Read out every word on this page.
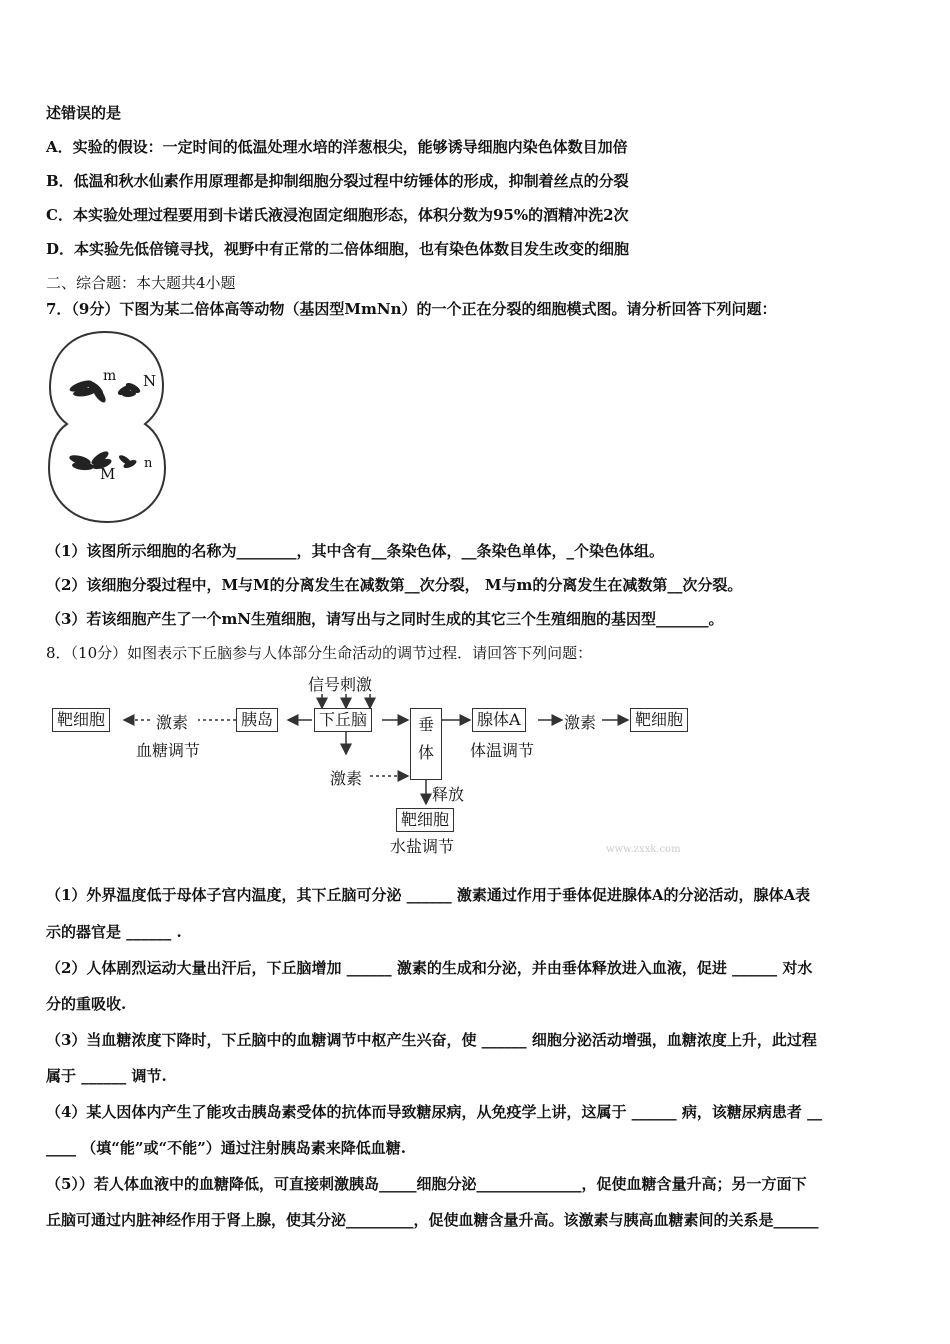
述错误的是
A．实验的假设：一定时间的低温处理水培的洋葱根尖，能够诱导细胞内染色体数目加倍
B．低温和秋水仙素作用原理都是抑制细胞分裂过程中纺锤体的形成，抑制着丝点的分裂
C．本实验处理过程要用到卡诺氏液浸泡固定细胞形态，体积分数为95%的酒精冲洗2次
D．本实验先低倍镜寻找，视野中有正常的二倍体细胞，也有染色体数目发生改变的细胞
二、综合题：本大题共4小题
7．（9分）下图为某二倍体高等动物（基因型MmNn）的一个正在分裂的细胞模式图。请分析回答下列问题：
m N
M
n
（1）该图所示细胞的名称为________，其中含有__条染色体，__条染色单体，_个染色体组。
（2）该细胞分裂过程中，M与M的分离发生在减数第__次分裂， M与m的分离发生在减数第__次分裂。
（3）若该细胞产生了一个mN生殖细胞，请写出与之同时生成的其它三个生殖细胞的基因型_______。
8．（10分）如图表示下丘脑参与人体部分生命活动的调节过程．请回答下列问题：
信号刺激
靶细胞	激素	胰岛	下丘脑	垂体
腺体A	激素	靶细胞
血糖调节	体温调节
激素
释放
靶细胞
水盐调节	www.zxxk.com
（1）外界温度低于母体子宫内温度，其下丘脑可分泌 ______ 激素通过作用于垂体促进腺体A的分泌活动，腺体A表
示的器官是 ______ .
（2）人体剧烈运动大量出汗后，下丘脑增加 ______ 激素的生成和分泌，并由垂体释放进入血液，促进 ______ 对水
分的重吸收.
（3）当血糖浓度下降时，下丘脑中的血糖调节中枢产生兴奋，使 ______ 细胞分泌活动增强，血糖浓度上升，此过程
属于 ______ 调节.
（4）某人因体内产生了能攻击胰岛素受体的抗体而导致糖尿病，从免疫学上讲，这属于 ______ 病，该糖尿病患者 __
____ （填“能”或“不能”）通过注射胰岛素来降低血糖.
（5））若人体血液中的血糖降低，可直接刺激胰岛_____细胞分泌______________，促使血糖含量升高；另一方面下
丘脑可通过内脏神经作用于肾上腺，使其分泌_________，促使血糖含量升高。该激素与胰高血糖素间的关系是______
